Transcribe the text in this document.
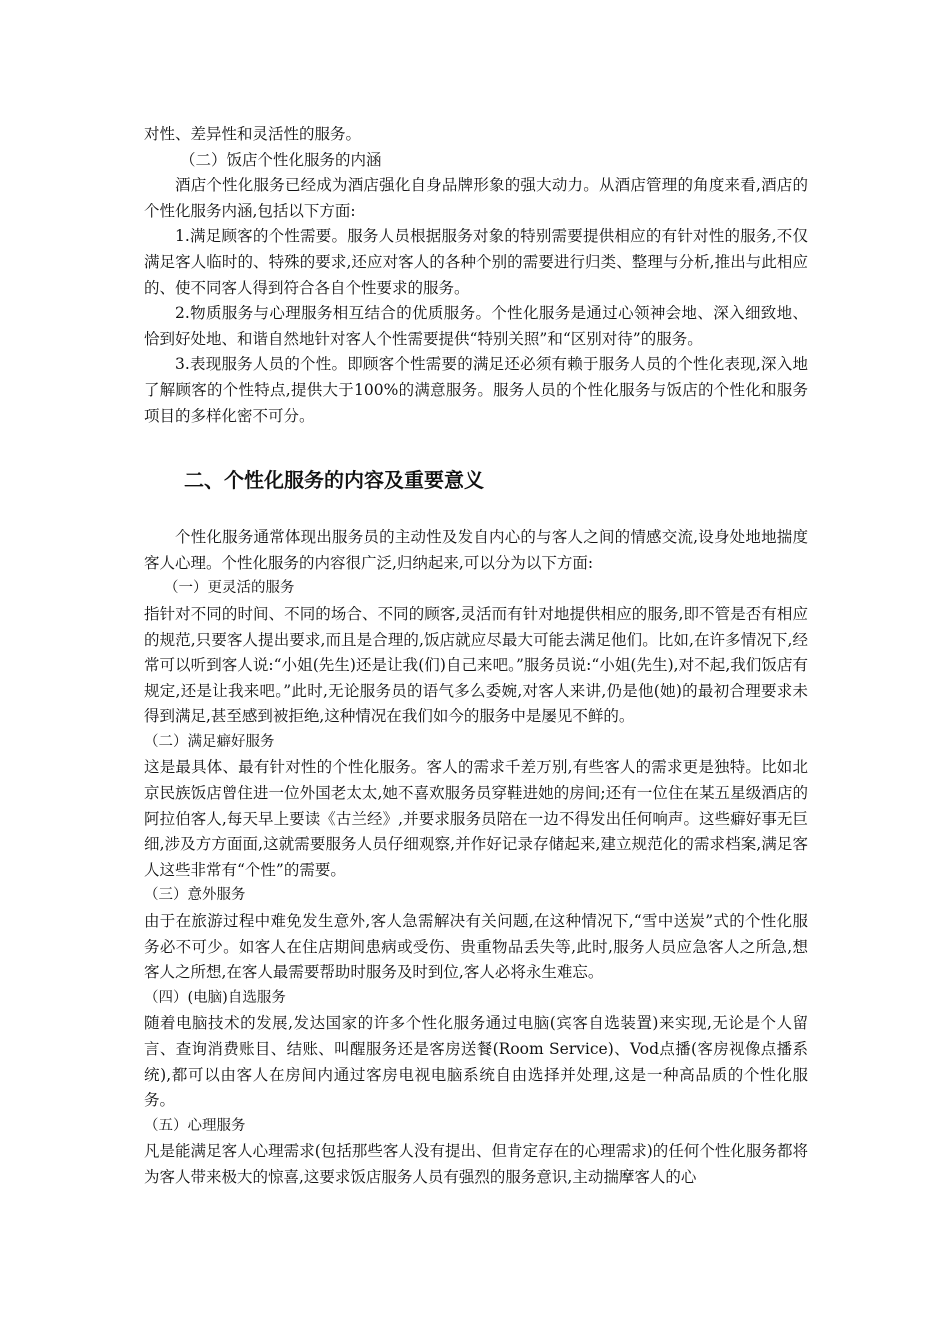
对性、差异性和灵活性的服务。

（二）饭店个性化服务的内涵

酒店个性化服务已经成为酒店强化自身品牌形象的强大动力。从酒店管理的角度来看,酒店的个性化服务内涵,包括以下方面:

1.满足顾客的个性需要。服务人员根据服务对象的特别需要提供相应的有针对性的服务,不仅满足客人临时的、特殊的要求,还应对客人的各种个别的需要进行归类、整理与分析,推出与此相应的、使不同客人得到符合各自个性要求的服务。

2.物质服务与心理服务相互结合的优质服务。个性化服务是通过心领神会地、深入细致地、恰到好处地、和谐自然地针对客人个性需要提供“特别关照”和“区别对待”的服务。

3.表现服务人员的个性。即顾客个性需要的满足还必须有赖于服务人员的个性化表现,深入地了解顾客的个性特点,提供大于100%的满意服务。服务人员的个性化服务与饭店的个性化和服务项目的多样化密不可分。

二、个性化服务的内容及重要意义

个性化服务通常体现出服务员的主动性及发自内心的与客人之间的情感交流,设身处地地揣度客人心理。个性化服务的内容很广泛,归纳起来,可以分为以下方面:

（一）更灵活的服务

指针对不同的时间、不同的场合、不同的顾客,灵活而有针对地提供相应的服务,即不管是否有相应的规范,只要客人提出要求,而且是合理的,饭店就应尽最大可能去满足他们。比如,在许多情况下,经常可以听到客人说:“小姐(先生)还是让我(们)自己来吧。”服务员说:“小姐(先生),对不起,我们饭店有规定,还是让我来吧。”此时,无论服务员的语气多么委婉,对客人来讲,仍是他(她)的最初合理要求未得到满足,甚至感到被拒绝,这种情况在我们如今的服务中是屡见不鲜的。

（二）满足癖好服务

这是最具体、最有针对性的个性化服务。客人的需求千差万别,有些客人的需求更是独特。比如北京民族饭店曾住进一位外国老太太,她不喜欢服务员穿鞋进她的房间;还有一位住在某五星级酒店的阿拉伯客人,每天早上要读《古兰经》,并要求服务员陪在一边不得发出任何响声。这些癖好事无巨细,涉及方方面面,这就需要服务人员仔细观察,并作好记录存储起来,建立规范化的需求档案,满足客人这些非常有“个性”的需要。

（三）意外服务

由于在旅游过程中难免发生意外,客人急需解决有关问题,在这种情况下,“雪中送炭”式的个性化服务必不可少。如客人在住店期间患病或受伤、贵重物品丢失等,此时,服务人员应急客人之所急,想客人之所想,在客人最需要帮助时服务及时到位,客人必将永生难忘。

（四）(电脑)自选服务

随着电脑技术的发展,发达国家的许多个性化服务通过电脑(宾客自选装置)来实现,无论是个人留言、查询消费账目、结账、叫醒服务还是客房送餐(Room Service)、Vod点播(客房视像点播系统),都可以由客人在房间内通过客房电视电脑系统自由选择并处理,这是一种高品质的个性化服务。

（五）心理服务

凡是能满足客人心理需求(包括那些客人没有提出、但肯定存在的心理需求)的任何个性化服务都将为客人带来极大的惊喜,这要求饭店服务人员有强烈的服务意识,主动揣摩客人的心
